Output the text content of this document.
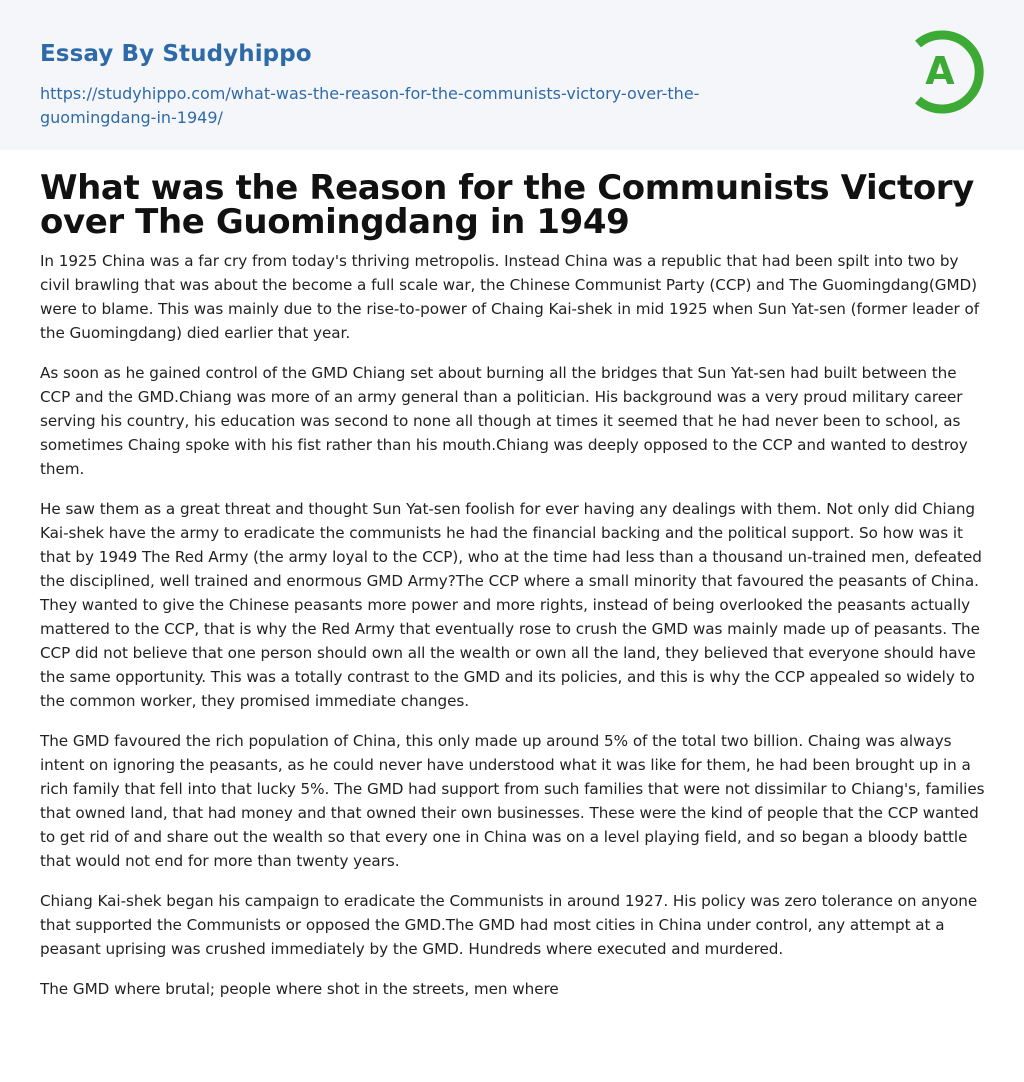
Essay By Studyhippo
https://studyhippo.com/what-was-the-reason-for-the-communists-victory-over-the-guomingdang-in-1949/
A
What was the Reason for the Communists Victory over The Guomingdang in 1949

In 1925 China was a far cry from today's thriving metropolis. Instead China was a republic that had been spilt into two by civil brawling that was about the become a full scale war, the Chinese Communist Party (CCP) and The Guomingdang(GMD) were to blame. This was mainly due to the rise-to-power of Chaing Kai-shek in mid 1925 when Sun Yat-sen (former leader of the Guomingdang) died earlier that year.

As soon as he gained control of the GMD Chiang set about burning all the bridges that Sun Yat-sen had built between the CCP and the GMD.Chiang was more of an army general than a politician. His background was a very proud military career serving his country, his education was second to none all though at times it seemed that he had never been to school, as sometimes Chaing spoke with his fist rather than his mouth.Chiang was deeply opposed to the CCP and wanted to destroy them.

He saw them as a great threat and thought Sun Yat-sen foolish for ever having any dealings with them. Not only did Chiang Kai-shek have the army to eradicate the communists he had the financial backing and the political support. So how was it that by 1949 The Red Army (the army loyal to the CCP), who at the time had less than a thousand un-trained men, defeated the disciplined, well trained and enormous GMD Army?The CCP where a small minority that favoured the peasants of China. They wanted to give the Chinese peasants more power and more rights, instead of being overlooked the peasants actually mattered to the CCP, that is why the Red Army that eventually rose to crush the GMD was mainly made up of peasants. The CCP did not believe that one person should own all the wealth or own all the land, they believed that everyone should have the same opportunity. This was a totally contrast to the GMD and its policies, and this is why the CCP appealed so widely to the common worker, they promised immediate changes.

The GMD favoured the rich population of China, this only made up around 5% of the total two billion. Chaing was always intent on ignoring the peasants, as he could never have understood what it was like for them, he had been brought up in a rich family that fell into that lucky 5%. The GMD had support from such families that were not dissimilar to Chiang's, families that owned land, that had money and that owned their own businesses. These were the kind of people that the CCP wanted to get rid of and share out the wealth so that every one in China was on a level playing field, and so began a bloody battle that would not end for more than twenty years.

Chiang Kai-shek began his campaign to eradicate the Communists in around 1927. His policy was zero tolerance on anyone that supported the Communists or opposed the GMD.The GMD had most cities in China under control, any attempt at a peasant uprising was crushed immediately by the GMD. Hundreds where executed and murdered.

The GMD where brutal; people where shot in the streets, men where
